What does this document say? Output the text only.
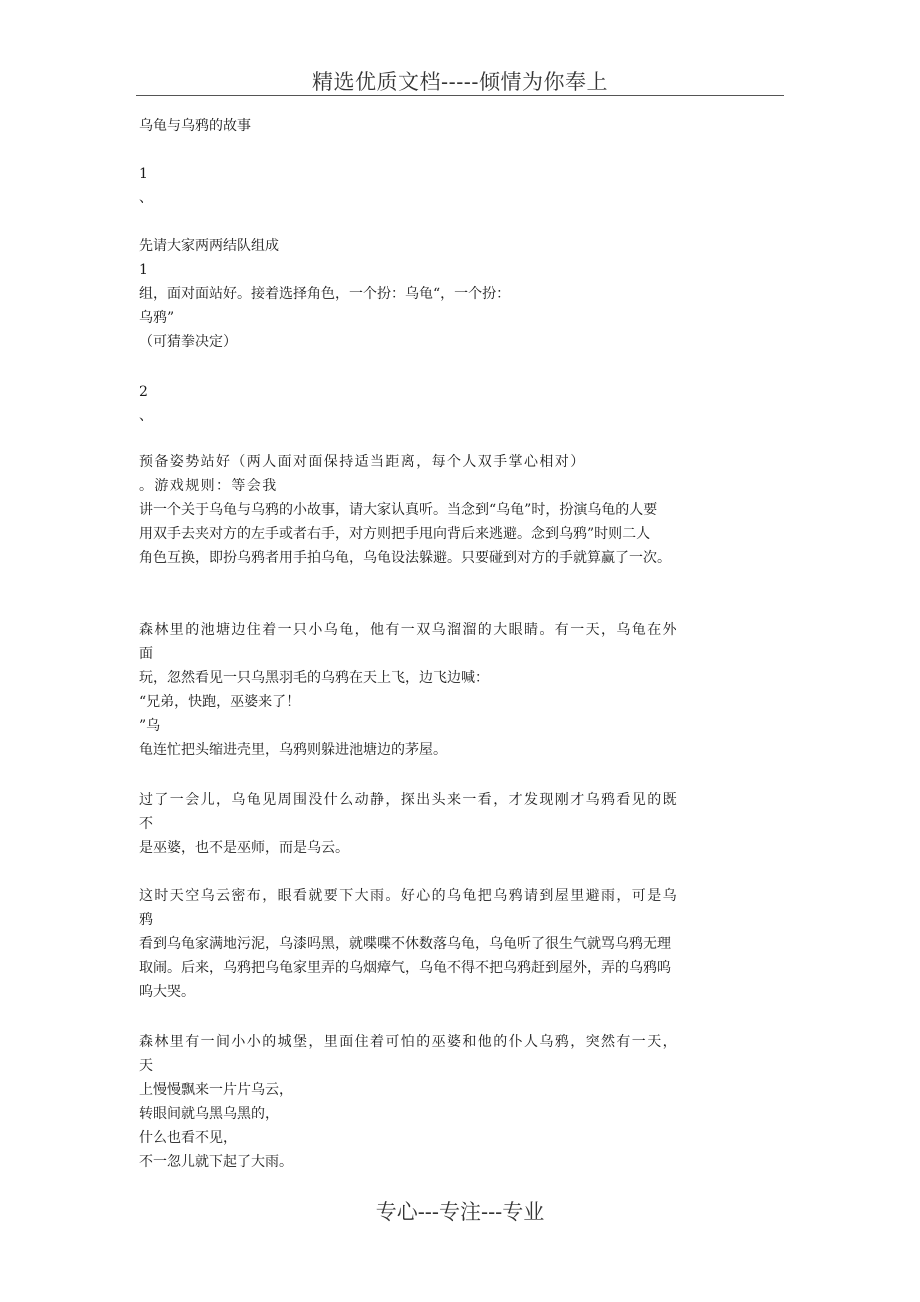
精选优质文档-----倾情为你奉上
乌龟与乌鸦的故事
1
、
先请大家两两结队组成
1
组，面对面站好。接着选择角色，一个扮：乌龟“，一个扮：
乌鸦”
（可猜拳决定）
2
、
预备姿势站好（两人面对面保持适当距离，每个人双手掌心相对）
。游戏规则：等会我
讲一个关于乌龟与乌鸦的小故事，请大家认真听。当念到“乌龟”时，扮演乌龟的人要
用双手去夹对方的左手或者右手，对方则把手甩向背后来逃避。念到乌鸦”时则二人
角色互换，即扮乌鸦者用手拍乌龟，乌龟设法躲避。只要碰到对方的手就算赢了一次。
森林里的池塘边住着一只小乌龟，他有一双乌溜溜的大眼睛。有一天，乌龟在外
面
玩，忽然看见一只乌黑羽毛的乌鸦在天上飞，边飞边喊：
“兄弟，快跑，巫婆来了！
”乌
龟连忙把头缩进壳里，乌鸦则躲进池塘边的茅屋。
过了一会儿，乌龟见周围没什么动静，探出头来一看，才发现刚才乌鸦看见的既
不
是巫婆，也不是巫师，而是乌云。
这时天空乌云密布，眼看就要下大雨。好心的乌龟把乌鸦请到屋里避雨，可是乌
鸦
看到乌龟家满地污泥，乌漆吗黑，就喋喋不休数落乌龟，乌龟听了很生气就骂乌鸦无理
取闹。后来，乌鸦把乌龟家里弄的乌烟瘴气，乌龟不得不把乌鸦赶到屋外，弄的乌鸦呜
呜大哭。
森林里有一间小小的城堡，里面住着可怕的巫婆和他的仆人乌鸦，突然有一天，
天
上慢慢飘来一片片乌云，
转眼间就乌黑乌黑的，
什么也看不见，
不一忽儿就下起了大雨。
专心---专注---专业
